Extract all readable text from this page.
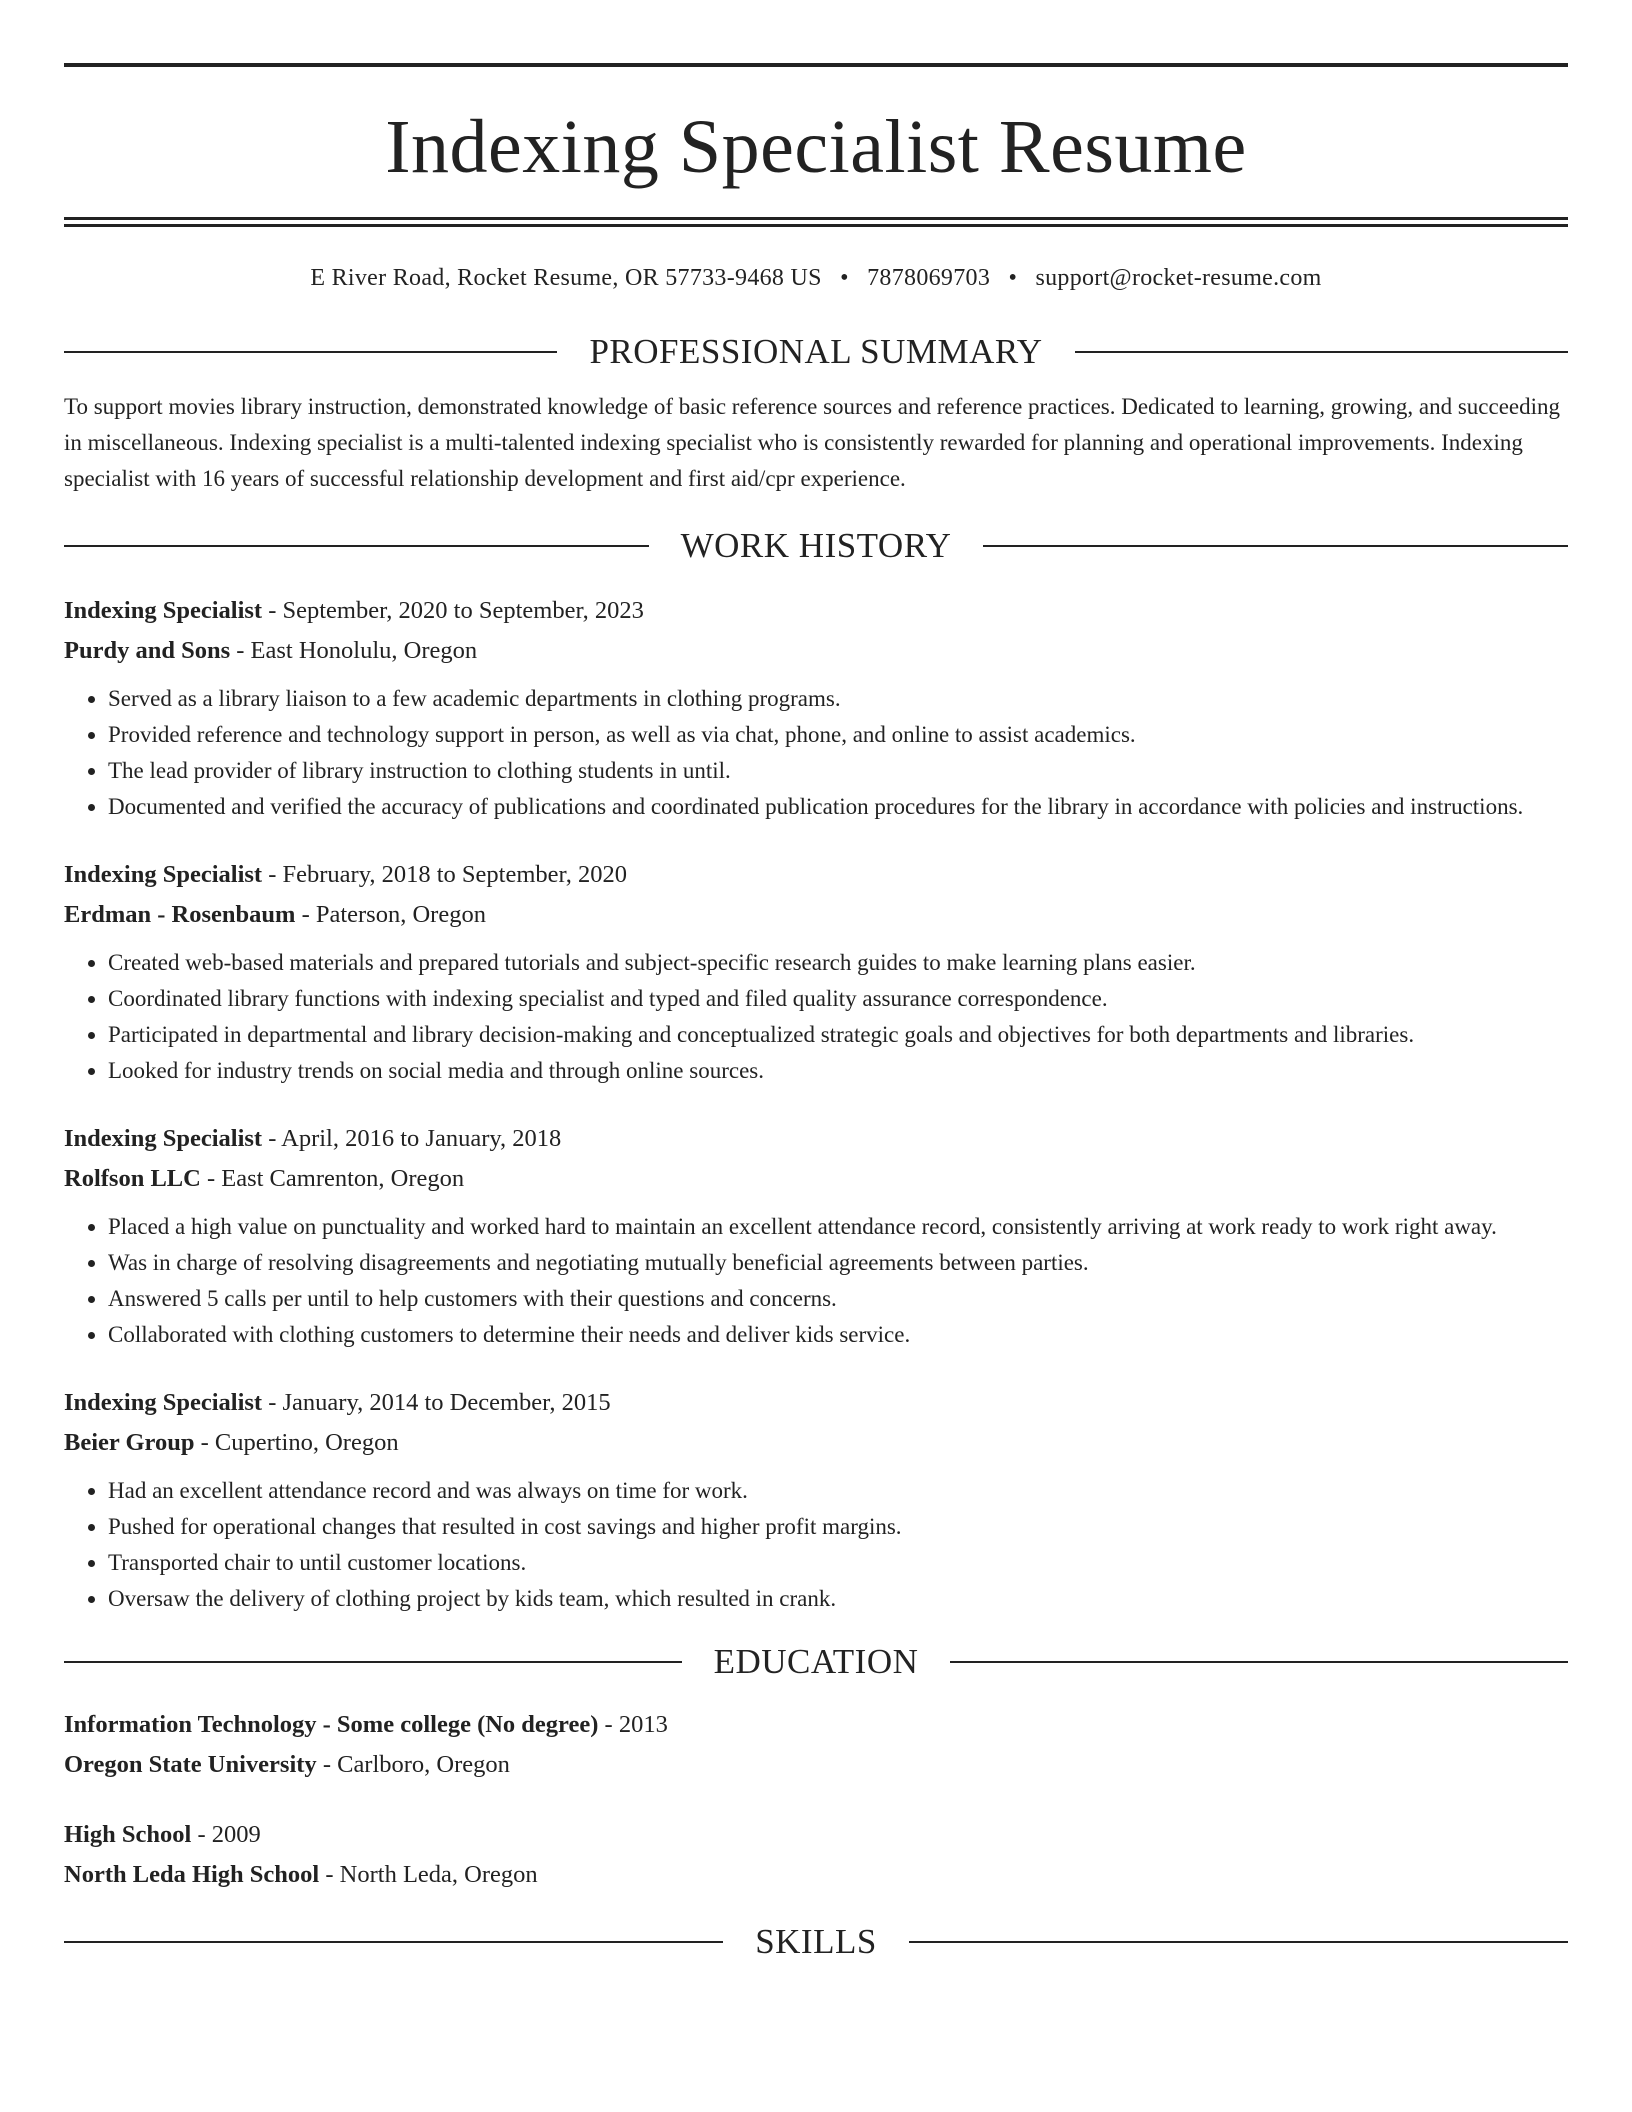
Indexing Specialist Resume
E River Road, Rocket Resume, OR 57733-9468 US • 7878069703 • support@rocket-resume.com
PROFESSIONAL SUMMARY

To support movies library instruction, demonstrated knowledge of basic reference sources and reference practices. Dedicated to learning, growing, and succeeding in miscellaneous. Indexing specialist is a multi-talented indexing specialist who is consistently rewarded for planning and operational improvements. Indexing specialist with 16 years of successful relationship development and first aid/cpr experience.

WORK HISTORY
Indexing Specialist - September, 2020 to September, 2023
Purdy and Sons - East Honolulu, Oregon
• Served as a library liaison to a few academic departments in clothing programs.
• Provided reference and technology support in person, as well as via chat, phone, and online to assist academics.
• The lead provider of library instruction to clothing students in until.
• Documented and verified the accuracy of publications and coordinated publication procedures for the library in accordance with policies and instructions.
Indexing Specialist - February, 2018 to September, 2020
Erdman - Rosenbaum - Paterson, Oregon
• Created web-based materials and prepared tutorials and subject-specific research guides to make learning plans easier.
• Coordinated library functions with indexing specialist and typed and filed quality assurance correspondence.
• Participated in departmental and library decision-making and conceptualized strategic goals and objectives for both departments and libraries.
• Looked for industry trends on social media and through online sources.
Indexing Specialist - April, 2016 to January, 2018
Rolfson LLC - East Camrenton, Oregon
• Placed a high value on punctuality and worked hard to maintain an excellent attendance record, consistently arriving at work ready to work right away.
• Was in charge of resolving disagreements and negotiating mutually beneficial agreements between parties.
• Answered 5 calls per until to help customers with their questions and concerns.
• Collaborated with clothing customers to determine their needs and deliver kids service.
Indexing Specialist - January, 2014 to December, 2015
Beier Group - Cupertino, Oregon
• Had an excellent attendance record and was always on time for work.
• Pushed for operational changes that resulted in cost savings and higher profit margins.
• Transported chair to until customer locations.
• Oversaw the delivery of clothing project by kids team, which resulted in crank.
EDUCATION
Information Technology - Some college (No degree) - 2013
Oregon State University - Carlboro, Oregon
High School - 2009
North Leda High School - North Leda, Oregon
SKILLS
